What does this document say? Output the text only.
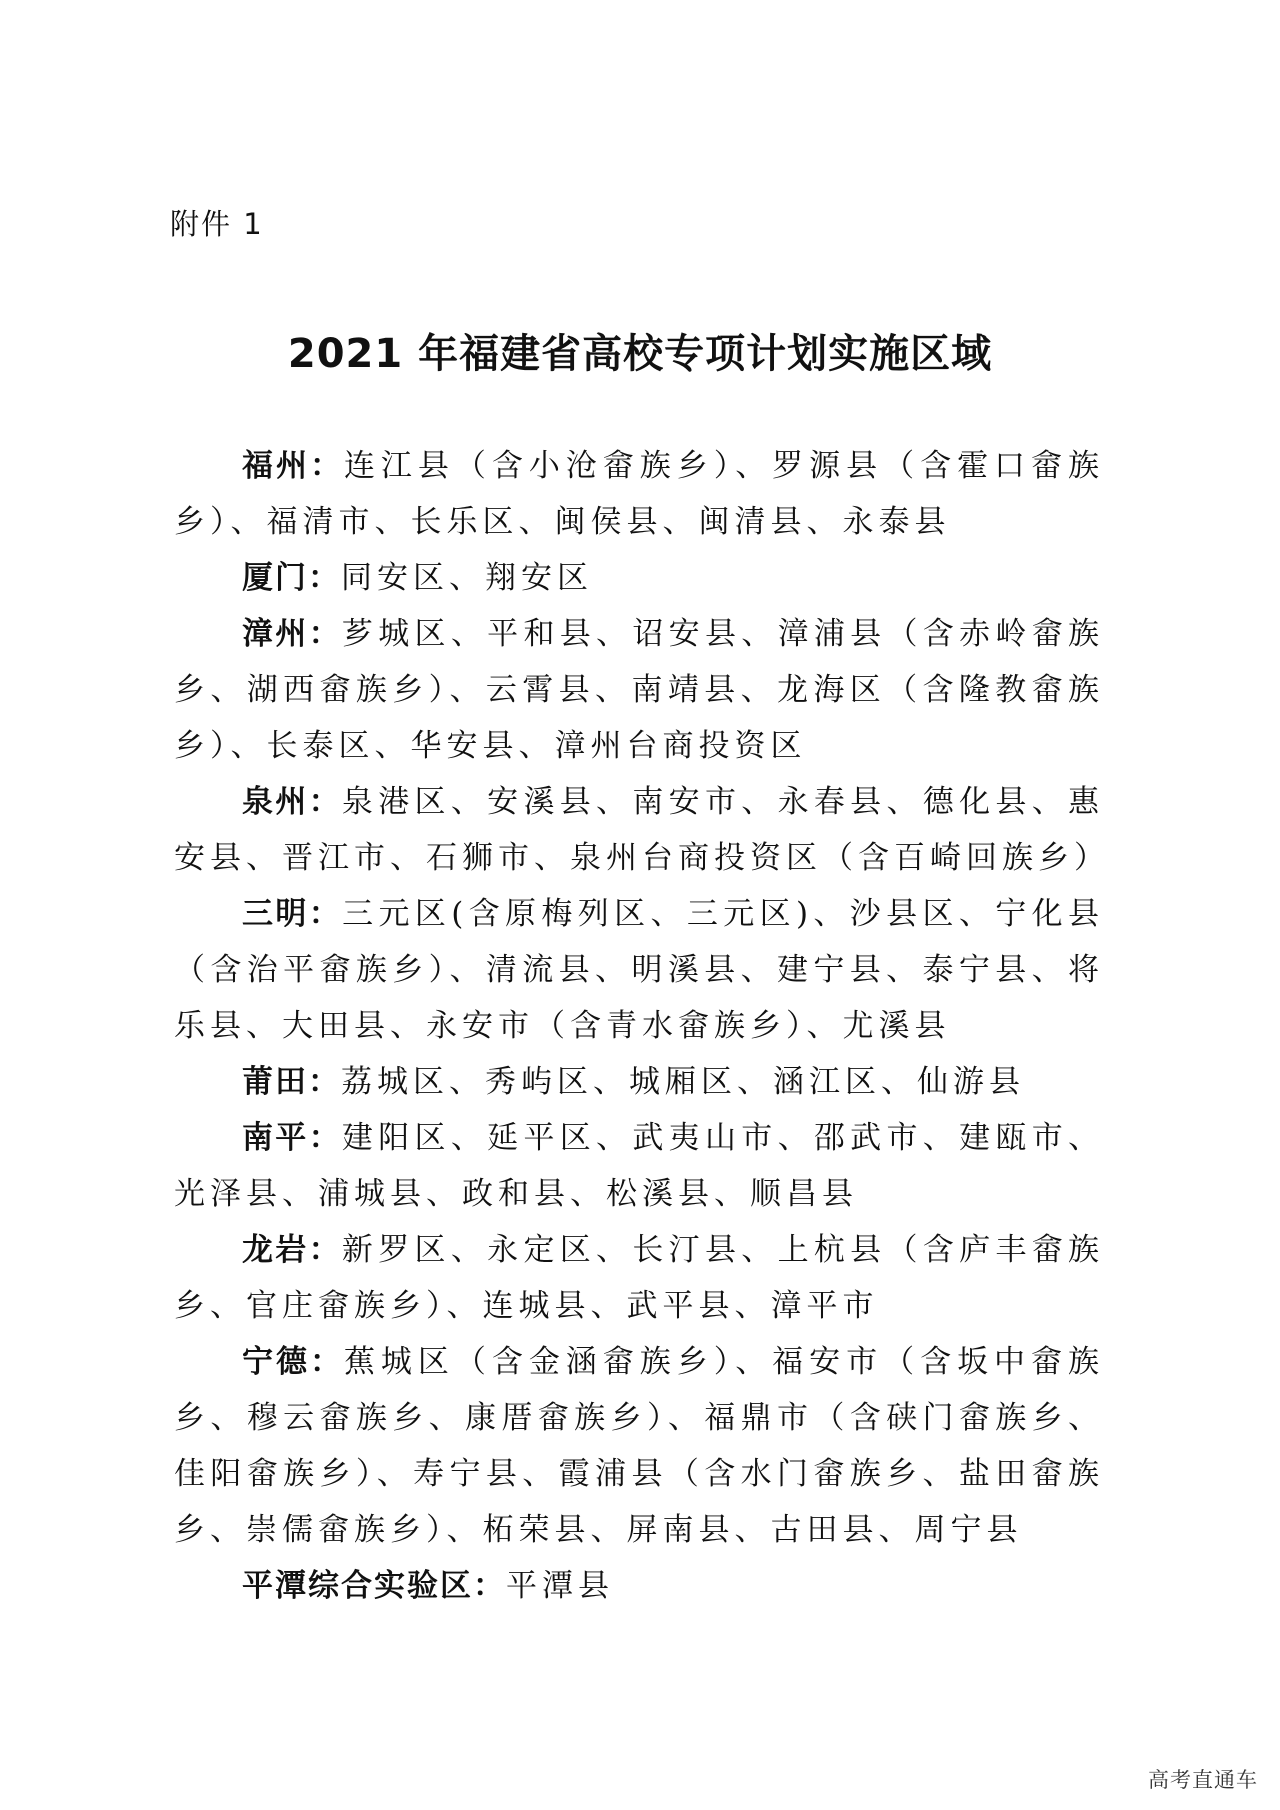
附件 1
2021 年福建省高校专项计划实施区域

福州：连江县（含小沧畲族乡）、罗源县（含霍口畲族乡）、福清市、长乐区、闽侯县、闽清县、永泰县

厦门：同安区、翔安区

漳州：芗城区、平和县、诏安县、漳浦县（含赤岭畲族乡、湖西畲族乡）、云霄县、南靖县、龙海区（含隆教畲族乡）、长泰区、华安县、漳州台商投资区

泉州：泉港区、安溪县、南安市、永春县、德化县、惠安县、晋江市、石狮市、泉州台商投资区（含百崎回族乡）

三明：三元区(含原梅列区、三元区)、沙县区、宁化县（含治平畲族乡）、清流县、明溪县、建宁县、泰宁县、将乐县、大田县、永安市（含青水畲族乡）、尤溪县

莆田：荔城区、秀屿区、城厢区、涵江区、仙游县

南平：建阳区、延平区、武夷山市、邵武市、建瓯市、光泽县、浦城县、政和县、松溪县、顺昌县

龙岩：新罗区、永定区、长汀县、上杭县（含庐丰畲族乡、官庄畲族乡）、连城县、武平县、漳平市

宁德：蕉城区（含金涵畲族乡）、福安市（含坂中畲族乡、穆云畲族乡、康厝畲族乡）、福鼎市（含硖门畲族乡、佳阳畲族乡）、寿宁县、霞浦县（含水门畲族乡、盐田畲族乡、崇儒畲族乡）、柘荣县、屏南县、古田县、周宁县

平潭综合实验区：平潭县

高考直通车
